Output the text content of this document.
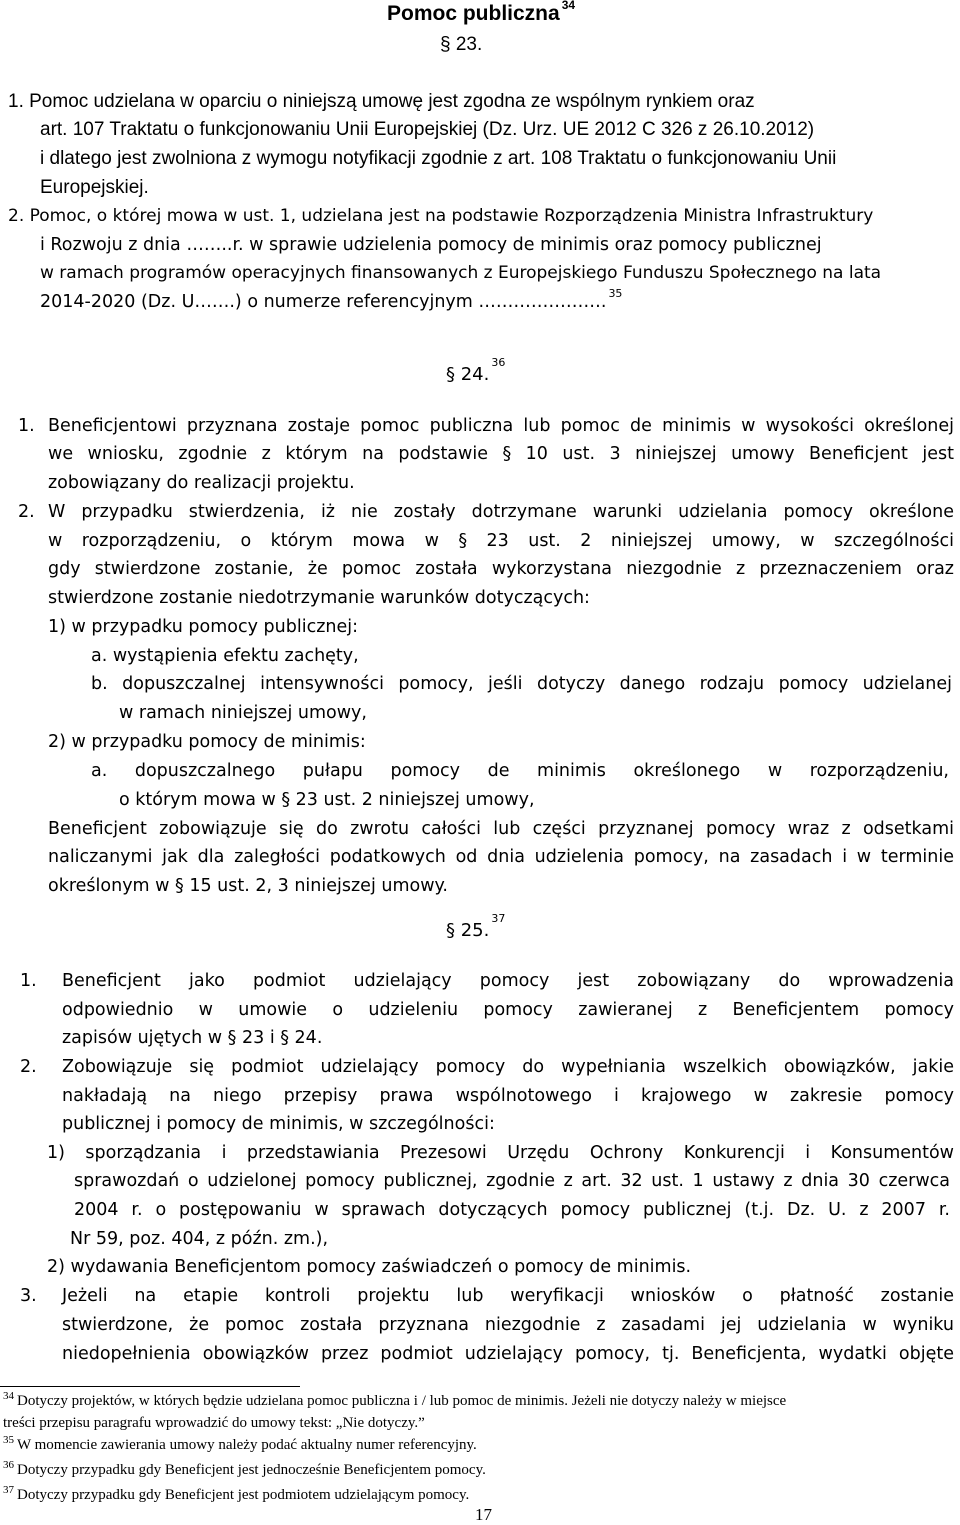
Pomoc publiczna $^{34}$
§ 23.
1. Pomoc udzielana w oparciu o niniejszą umowę jest zgodna ze wspólnym rynkiem oraz
art. 107 Traktatu o funkcjonowaniu Unii Europejskiej (Dz. Urz. UE 2012 C 326 z 26.10.2012)
i dlatego jest zwolniona z wymogu notyfikacji zgodnie z art. 108 Traktatu o funkcjonowaniu Unii
Europejskiej.
2. Pomoc, o której mowa w ust. 1, udzielana jest na podstawie Rozporządzenia Ministra Infrastruktury
i Rozwoju z dnia ……..r. w sprawie udzielenia pomocy de minimis oraz pomocy publicznej
w ramach programów operacyjnych finansowanych z Europejskiego Funduszu Społecznego na lata
2014-2020 (Dz. U…….) o numerze referencyjnym …………………. $^{35}$
§ 24.36
1. Beneficjentowi przyznana zostaje pomoc publiczna lub pomoc de minimis w wysokości określonej
we wniosku, zgodnie z którym na podstawie § 10 ust. 3 niniejszej umowy Beneficjent jest
zobowiązany do realizacji projektu.
2. W przypadku stwierdzenia, iż nie zostały dotrzymane warunki udzielania pomocy określone
w rozporządzeniu, o którym mowa w § 23 ust. 2 niniejszej umowy, w szczególności
gdy stwierdzone zostanie, że pomoc została wykorzystana niezgodnie z przeznaczeniem oraz
stwierdzone zostanie niedotrzymanie warunków dotyczących:
1) w przypadku pomocy publicznej:
a. wystąpienia efektu zachęty,
b. dopuszczalnej intensywności pomocy, jeśli dotyczy danego rodzaju pomocy udzielanej
w ramach niniejszej umowy,
2) w przypadku pomocy de minimis:
a. dopuszczalnego pułapu pomocy de minimis określonego w rozporządzeniu,
o którym mowa w § 23 ust. 2 niniejszej umowy,
Beneficjent zobowiązuje się do zwrotu całości lub części przyznanej pomocy wraz z odsetkami
naliczanymi jak dla zaległości podatkowych od dnia udzielenia pomocy, na zasadach i w terminie
określonym w § 15 ust. 2, 3 niniejszej umowy.
§ 25.37
1. Beneficjent jako podmiot udzielający pomocy jest zobowiązany do wprowadzenia
odpowiednio w umowie o udzieleniu pomocy zawieranej z Beneficjentem pomocy
zapisów ujętych w § 23 i § 24.
2. Zobowiązuje się podmiot udzielający pomocy do wypełniania wszelkich obowiązków, jakie
nakładają na niego przepisy prawa wspólnotowego i krajowego w zakresie pomocy
publicznej i pomocy de minimis, w szczególności:
1) sporządzania i przedstawiania Prezesowi Urzędu Ochrony Konkurencji i Konsumentów
sprawozdań o udzielonej pomocy publicznej, zgodnie z art. 32 ust. 1 ustawy z dnia 30 czerwca
2004 r. o postępowaniu w sprawach dotyczących pomocy publicznej (t.j. Dz. U. z 2007 r.
Nr 59, poz. 404, z późn. zm.),
2) wydawania Beneficjentom pomocy zaświadczeń o pomocy de minimis.
3. Jeżeli na etapie kontroli projektu lub weryfikacji wniosków o płatność zostanie
stwierdzone, że pomoc została przyznana niezgodnie z zasadami jej udzielania w wyniku
niedopełnienia obowiązków przez podmiot udzielający pomocy, tj. Beneficjenta, wydatki objęte
$^{34}$ Dotyczy projektów, w których będzie udzielana pomoc publiczna i / lub pomoc de minimis. Jeżeli nie dotyczy należy w miejsce
treści przepisu paragrafu wprowadzić do umowy tekst: „Nie dotyczy.”
$^{35}$ W momencie zawierania umowy należy podać aktualny numer referencyjny.
$^{36}$ Dotyczy przypadku gdy Beneficjent jest jednocześnie Beneficjentem pomocy.
$^{37}$ Dotyczy przypadku gdy Beneficjent jest podmiotem udzielającym pomocy.
17
